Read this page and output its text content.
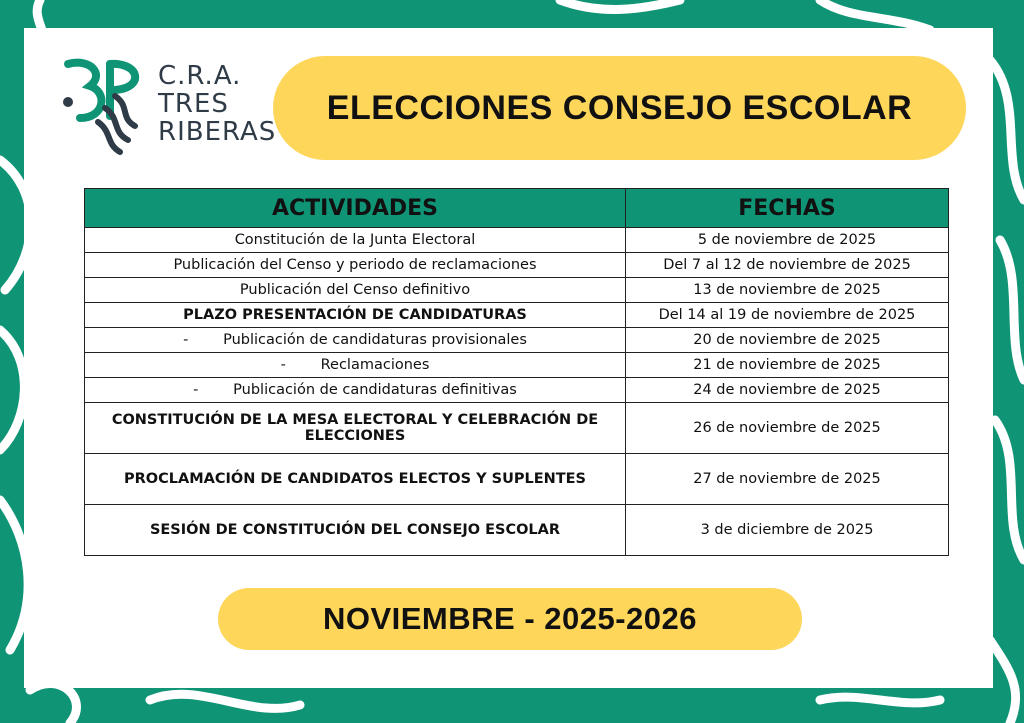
C.R.A.
TRES
RIBERAS
ELECCIONES CONSEJO ESCOLAR
ACTIVIDADES	FECHAS
Constitución de la Junta Electoral	5 de noviembre de 2025
Publicación del Censo y periodo de reclamaciones	Del 7 al 12 de noviembre de 2025
Publicación del Censo definitivo	13 de noviembre de 2025
PLAZO PRESENTACIÓN DE CANDIDATURAS	Del 14 al 19 de noviembre de 2025
- Publicación de candidaturas provisionales	20 de noviembre de 2025
- Reclamaciones	21 de noviembre de 2025
- Publicación de candidaturas definitivas	24 de noviembre de 2025
CONSTITUCIÓN DE LA MESA ELECTORAL Y CELEBRACIÓN DE ELECCIONES	26 de noviembre de 2025
PROCLAMACIÓN DE CANDIDATOS ELECTOS Y SUPLENTES	27 de noviembre de 2025
SESIÓN DE CONSTITUCIÓN DEL CONSEJO ESCOLAR	3 de diciembre de 2025
NOVIEMBRE - 2025-2026
